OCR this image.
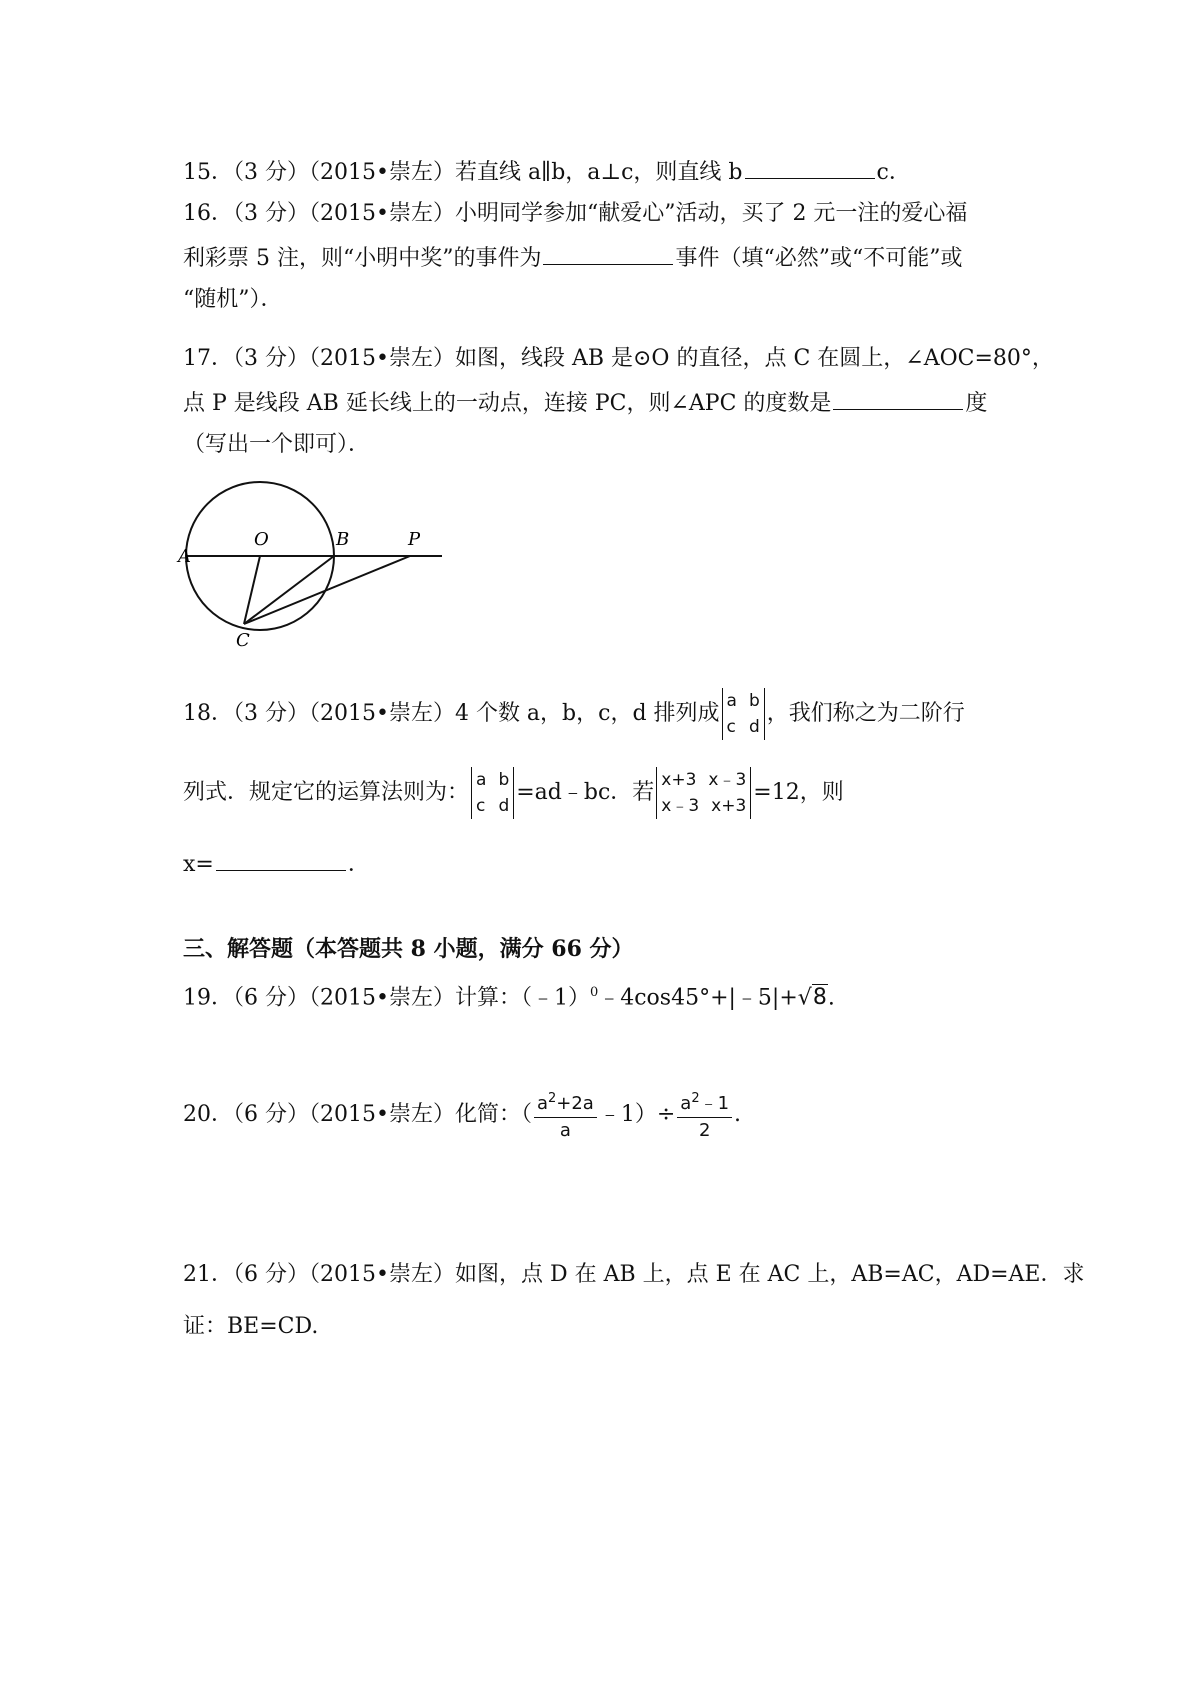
15．（3 分）（2015•崇左）若直线 a∥b，a⊥c，则直线 b	c．
16．（3 分）（2015•崇左）小明同学参加“献爱心”活动，买了 2 元一注的爱心福
利彩票 5 注，则“小明中奖”的事件为	事件（填“必然”或“不可能”或
“随机”）．
17．（3 分）（2015•崇左）如图，线段 AB 是⊙O 的直径，点 C 在圆上，∠AOC=80°，
点 P 是线段 AB 延长线上的一动点，连接 PC，则∠APC 的度数是	度
（写出一个即可）．
A
O	B	P
C
18．（3 分）（2015•崇左）4 个数 a，b，c，d 排列成 a b
c d
，我们称之为二阶行
列式．规定它的运算法则为： a b
c d
=ad﹣bc．若 x+3 x﹣3
x﹣3 x+3
=12，则
x=	．
三、解答题（本答题共 8 小题，满分 66 分）
19．（6 分）（2015•崇左）计算：（﹣1）$^0$﹣4cos45°+|﹣5|+√8.
20．（6 分）（2015•崇左）化简：（ $\frac{a^2+2a}{a}$ ﹣1）÷ $\frac{a^2﹣1}{2}$ .
21．（6 分）（2015•崇左）如图，点 D 在 AB 上，点 E 在 AC 上，AB=AC，AD=AE．求
证：BE=CD.
